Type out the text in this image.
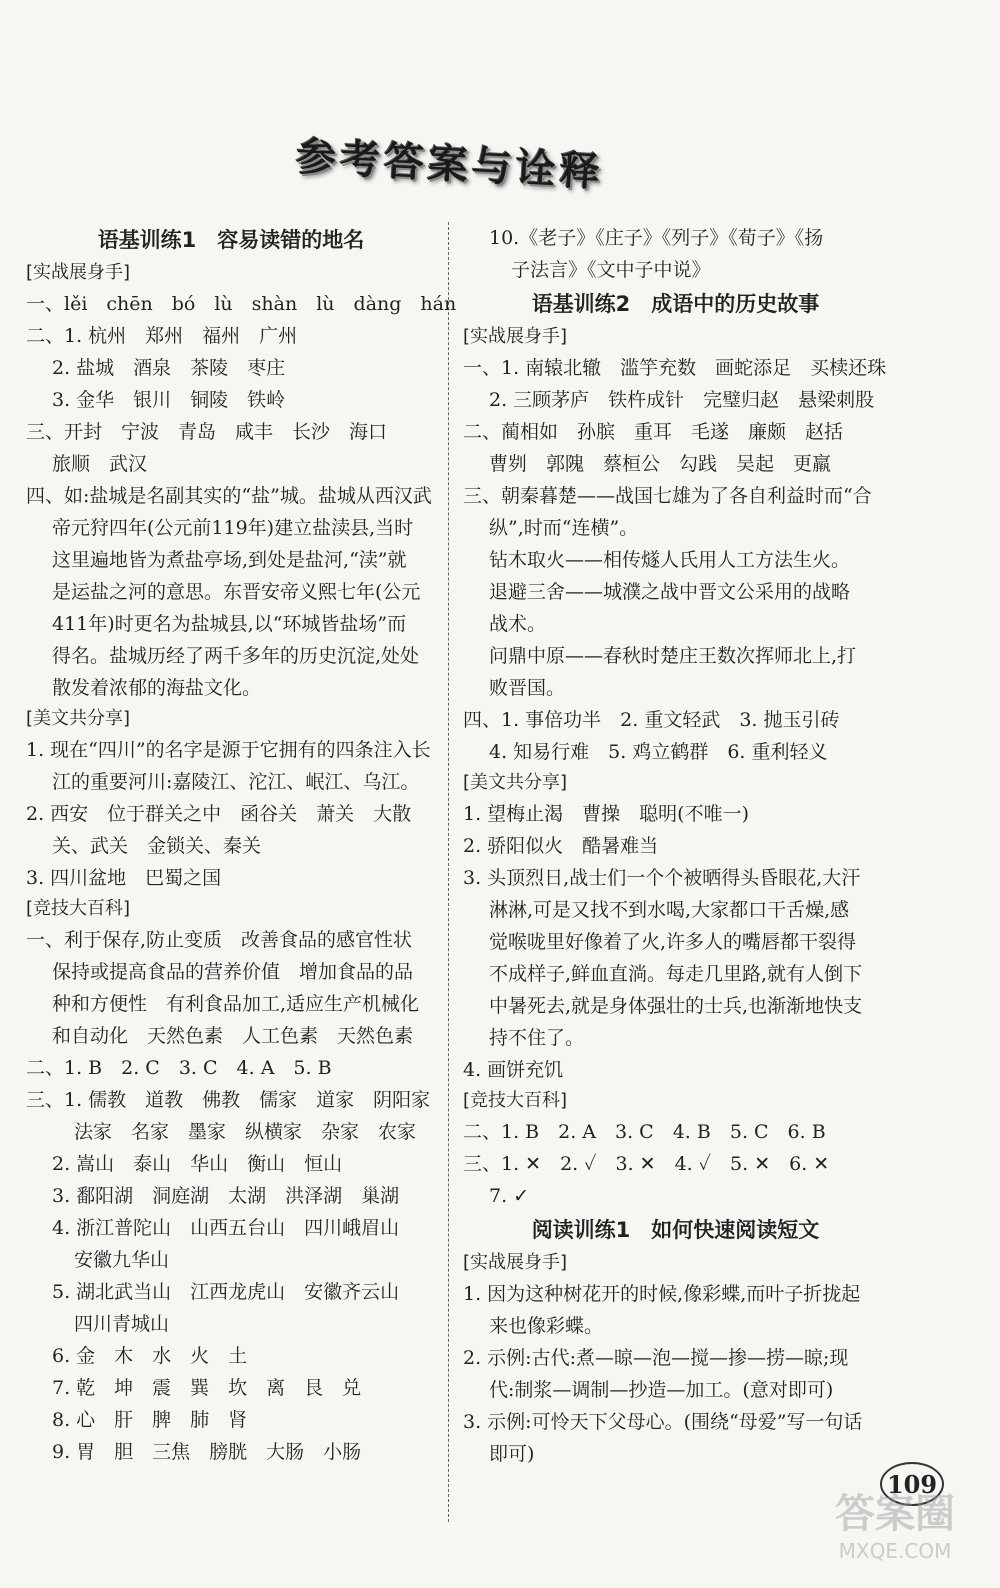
参考答案与诠释
语基训练1　容易读错的地名
[实战展身手]
一、lěi　chēn　bó　lù　shàn　lù　dàng　hán
二、1. 杭州　郑州　福州　广州
2. 盐城　酒泉　茶陵　枣庄
3. 金华　银川　铜陵　铁岭
三、开封　宁波　青岛　咸丰　长沙　海口
旅顺　武汉
四、如:盐城是名副其实的“盐”城。盐城从西汉武
帝元狩四年(公元前119年)建立盐渎县,当时
这里遍地皆为煮盐亭场,到处是盐河,“渎”就
是运盐之河的意思。东晋安帝义熙七年(公元
411年)时更名为盐城县,以“环城皆盐场”而
得名。盐城历经了两千多年的历史沉淀,处处
散发着浓郁的海盐文化。
[美文共分享]
1. 现在“四川”的名字是源于它拥有的四条注入长
江的重要河川:嘉陵江、沱江、岷江、乌江。
2. 西安　位于群关之中　函谷关　萧关　大散
关、武关　金锁关、秦关
3. 四川盆地　巴蜀之国
[竞技大百科]
一、利于保存,防止变质　改善食品的感官性状
保持或提高食品的营养价值　增加食品的品
种和方便性　有利食品加工,适应生产机械化
和自动化　天然色素　人工色素　天然色素
二、1. B　2. C　3. C　4. A　5. B
三、1. 儒教　道教　佛教　儒家　道家　阴阳家
法家　名家　墨家　纵横家　杂家　农家
2. 嵩山　泰山　华山　衡山　恒山
3. 鄱阳湖　洞庭湖　太湖　洪泽湖　巢湖
4. 浙江普陀山　山西五台山　四川峨眉山
安徽九华山
5. 湖北武当山　江西龙虎山　安徽齐云山
四川青城山
6. 金　木　水　火　土
7. 乾　坤　震　巽　坎　离　艮　兑
8. 心　肝　脾　肺　肾
9. 胃　胆　三焦　膀胱　大肠　小肠
10.《老子》《庄子》《列子》《荀子》《扬
子法言》《文中子中说》
语基训练2　成语中的历史故事
[实战展身手]
一、1. 南辕北辙　滥竽充数　画蛇添足　买椟还珠
2. 三顾茅庐　铁杵成针　完璧归赵　悬梁刺股
二、蔺相如　孙膑　重耳　毛遂　廉颇　赵括
曹刿　郭隗　蔡桓公　勾践　吴起　更羸
三、朝秦暮楚——战国七雄为了各自利益时而“合
纵”,时而“连横”。
钻木取火——相传燧人氏用人工方法生火。
退避三舍——城濮之战中晋文公采用的战略
战术。
问鼎中原——春秋时楚庄王数次挥师北上,打
败晋国。
四、1. 事倍功半　2. 重文轻武　3. 抛玉引砖
4. 知易行难　5. 鸡立鹤群　6. 重利轻义
[美文共分享]
1. 望梅止渴　曹操　聪明(不唯一)
2. 骄阳似火　酷暑难当
3. 头顶烈日,战士们一个个被晒得头昏眼花,大汗
淋淋,可是又找不到水喝,大家都口干舌燥,感
觉喉咙里好像着了火,许多人的嘴唇都干裂得
不成样子,鲜血直淌。每走几里路,就有人倒下
中暑死去,就是身体强壮的士兵,也渐渐地快支
持不住了。
4. 画饼充饥
[竞技大百科]
二、1. B　2. A　3. C　4. B　5. C　6. B
三、1. ✕　2. ✓　3. ✕　4. ✓　5. ✕　6. ✕
7. ✓
阅读训练1　如何快速阅读短文
[实战展身手]
1. 因为这种树花开的时候,像彩蝶,而叶子折拢起
来也像彩蝶。
2. 示例:古代:煮—晾—泡—搅—掺—捞—晾;现
代:制浆—调制—抄造—加工。(意对即可)
3. 示例:可怜天下父母心。(围绕“母爱”写一句话
即可)
109
答案圈
MXQE.COM
